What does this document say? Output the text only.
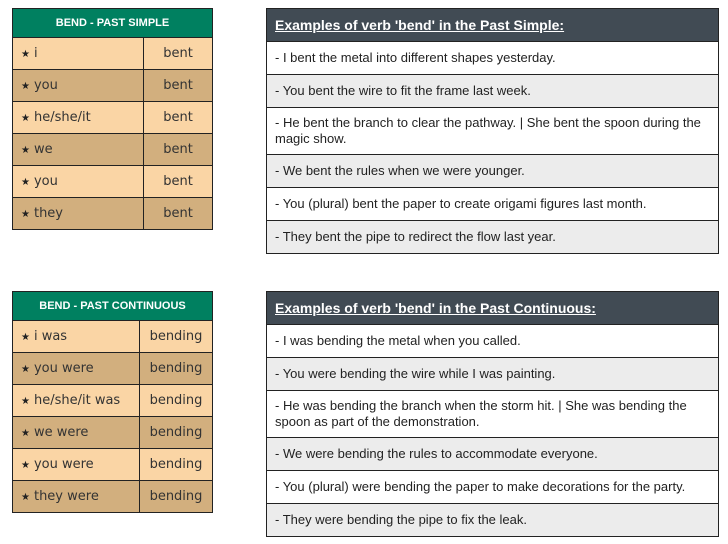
BEND - PAST SIMPLE	
★ i	bent
★ you	bent
★ he/she/it	bent
★ we	bent
★ you	bent
★ they	bent
Examples of verb 'bend' in the Past Simple:
- I bent the metal into different shapes yesterday.
- You bent the wire to fit the frame last week.
- He bent the branch to clear the pathway. | She bent the spoon during the magic show.
- We bent the rules when we were younger.
- You (plural) bent the paper to create origami figures last month.
- They bent the pipe to redirect the flow last year.
BEND - PAST CONTINUOUS	
★ i was	bending
★ you were	bending
★ he/she/it was	bending
★ we were	bending
★ you were	bending
★ they were	bending
Examples of verb 'bend' in the Past Continuous:
- I was bending the metal when you called.
- You were bending the wire while I was painting.
- He was bending the branch when the storm hit. | She was bending the spoon as part of the demonstration.
- We were bending the rules to accommodate everyone.
- You (plural) were bending the paper to make decorations for the party.
- They were bending the pipe to fix the leak.
